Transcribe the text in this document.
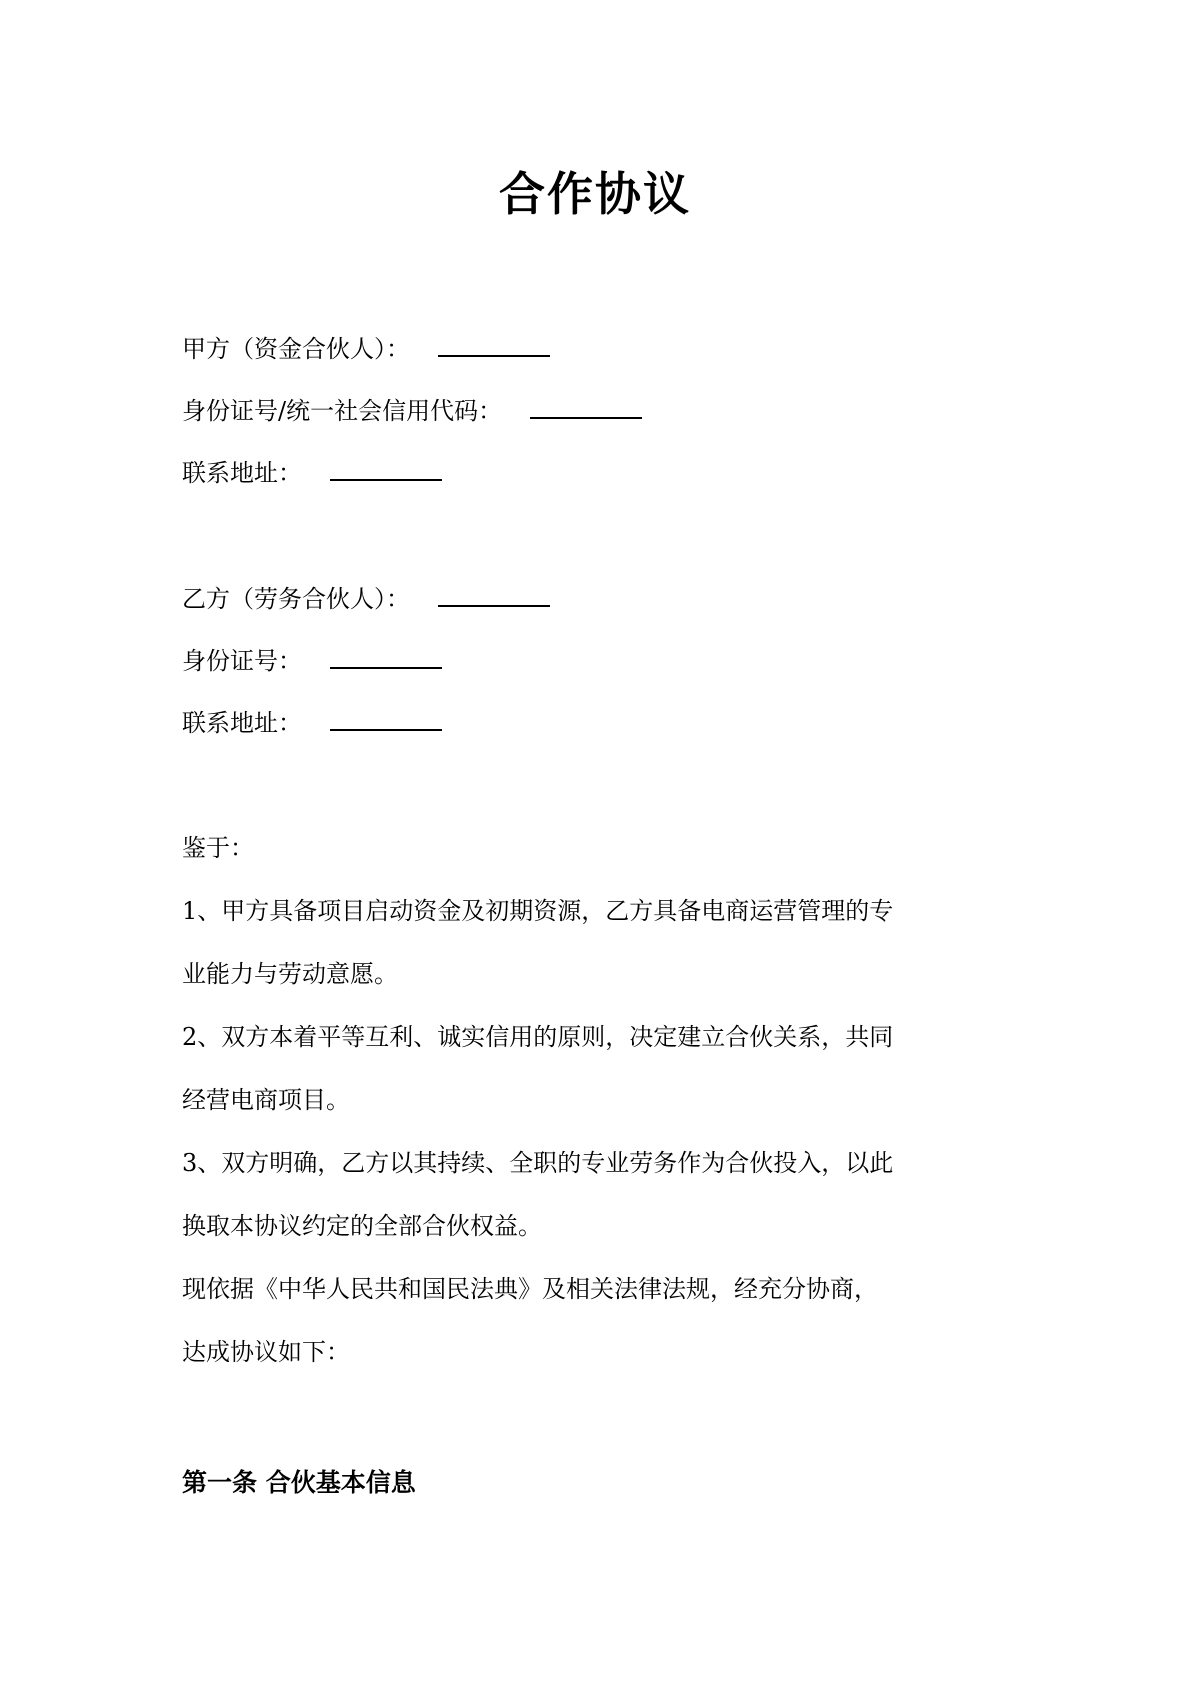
合作协议
甲方（资金合伙人）：
身份证号/统一社会信用代码：
联系地址：
乙方（劳务合伙人）：
身份证号：
联系地址：
鉴于：
1、甲方具备项目启动资金及初期资源，乙方具备电商运营管理的专
业能力与劳动意愿。
2、双方本着平等互利、诚实信用的原则，决定建立合伙关系，共同
经营电商项目。
3、双方明确，乙方以其持续、全职的专业劳务作为合伙投入，以此
换取本协议约定的全部合伙权益。
现依据《中华人民共和国民法典》及相关法律法规，经充分协商，
达成协议如下：
第一条 合伙基本信息
